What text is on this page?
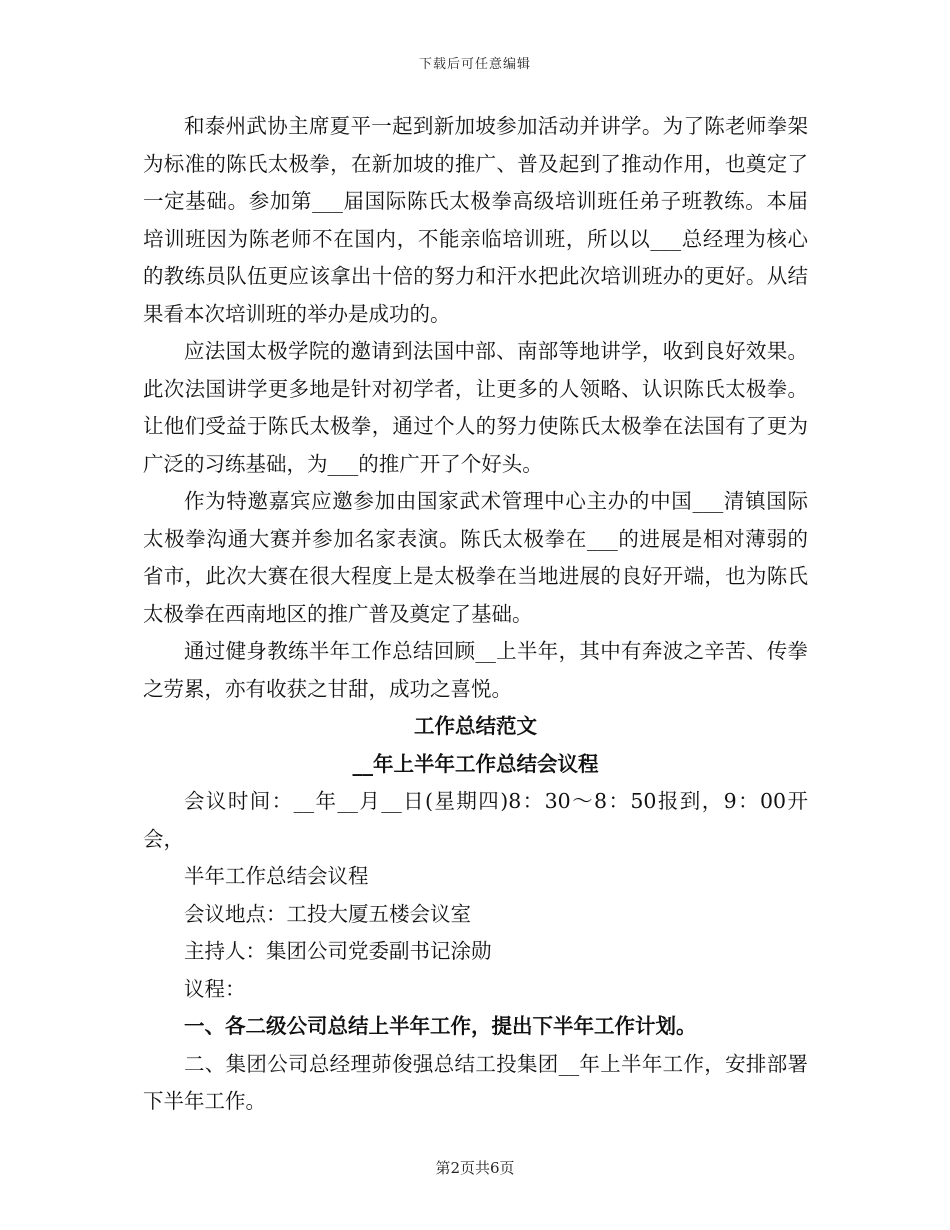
下载后可任意编辑

和泰州武协主席夏平一起到新加坡参加活动并讲学。为了陈老师拳架为标准的陈氏太极拳，在新加坡的推广、普及起到了推动作用，也奠定了一定基础。参加第___届国际陈氏太极拳高级培训班任弟子班教练。本届培训班因为陈老师不在国内，不能亲临培训班，所以以___总经理为核心的教练员队伍更应该拿出十倍的努力和汗水把此次培训班办的更好。从结果看本次培训班的举办是成功的。

应法国太极学院的邀请到法国中部、南部等地讲学，收到良好效果。此次法国讲学更多地是针对初学者，让更多的人领略、认识陈氏太极拳。让他们受益于陈氏太极拳，通过个人的努力使陈氏太极拳在法国有了更为广泛的习练基础，为___的推广开了个好头。

作为特邀嘉宾应邀参加由国家武术管理中心主办的中国___清镇国际太极拳沟通大赛并参加名家表演。陈氏太极拳在___的进展是相对薄弱的省市，此次大赛在很大程度上是太极拳在当地进展的良好开端，也为陈氏太极拳在西南地区的推广普及奠定了基础。

通过健身教练半年工作总结回顾__上半年，其中有奔波之辛苦、传拳之劳累，亦有收获之甘甜，成功之喜悦。

工作总结范文

__年上半年工作总结会议程

会议时间：__年__月__日(星期四)8：30～8：50报到，9：00开会，

半年工作总结会议程

会议地点：工投大厦五楼会议室

主持人：集团公司党委副书记涂勋

议程：

一、各二级公司总结上半年工作，提出下半年工作计划。

二、集团公司总经理茆俊强总结工投集团__年上半年工作，安排部署下半年工作。

第2页共6页
